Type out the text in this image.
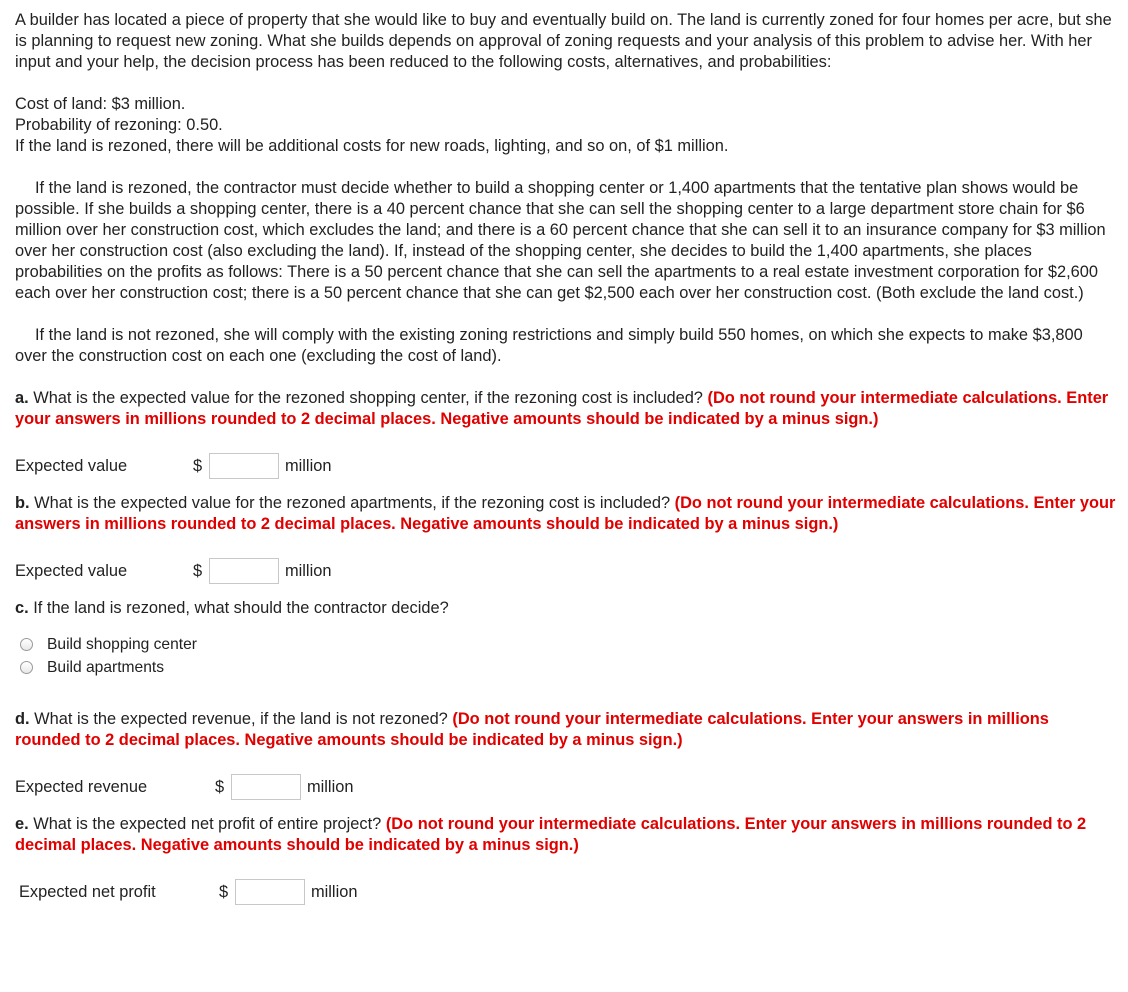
A builder has located a piece of property that she would like to buy and eventually build on. The land is currently zoned for four homes per acre, but she is planning to request new zoning. What she builds depends on approval of zoning requests and your analysis of this problem to advise her. With her input and your help, the decision process has been reduced to the following costs, alternatives, and probabilities:

Cost of land: $3 million.

Probability of rezoning: 0.50.

If the land is rezoned, there will be additional costs for new roads, lighting, and so on, of $1 million.

If the land is rezoned, the contractor must decide whether to build a shopping center or 1,400 apartments that the tentative plan shows would be possible. If she builds a shopping center, there is a 40 percent chance that she can sell the shopping center to a large department store chain for $6 million over her construction cost, which excludes the land; and there is a 60 percent chance that she can sell it to an insurance company for $3 million over her construction cost (also excluding the land). If, instead of the shopping center, she decides to build the 1,400 apartments, she places probabilities on the profits as follows: There is a 50 percent chance that she can sell the apartments to a real estate investment corporation for $2,600 each over her construction cost; there is a 50 percent chance that she can get $2,500 each over her construction cost. (Both exclude the land cost.)

If the land is not rezoned, she will comply with the existing zoning restrictions and simply build 550 homes, on which she expects to make $3,800 over the construction cost on each one (excluding the cost of land).

a. What is the expected value for the rezoned shopping center, if the rezoning cost is included? (Do not round your intermediate calculations. Enter your answers in millions rounded to 2 decimal places. Negative amounts should be indicated by a minus sign.)

Expected value	$	million

b. What is the expected value for the rezoned apartments, if the rezoning cost is included? (Do not round your intermediate calculations. Enter your answers in millions rounded to 2 decimal places. Negative amounts should be indicated by a minus sign.)

Expected value	$	million

c. If the land is rezoned, what should the contractor decide?

Build shopping center
Build apartments

d. What is the expected revenue, if the land is not rezoned? (Do not round your intermediate calculations. Enter your answers in millions rounded to 2 decimal places. Negative amounts should be indicated by a minus sign.)

Expected revenue	$	million

e. What is the expected net profit of entire project? (Do not round your intermediate calculations. Enter your answers in millions rounded to 2 decimal places. Negative amounts should be indicated by a minus sign.)

Expected net profit	$	million
